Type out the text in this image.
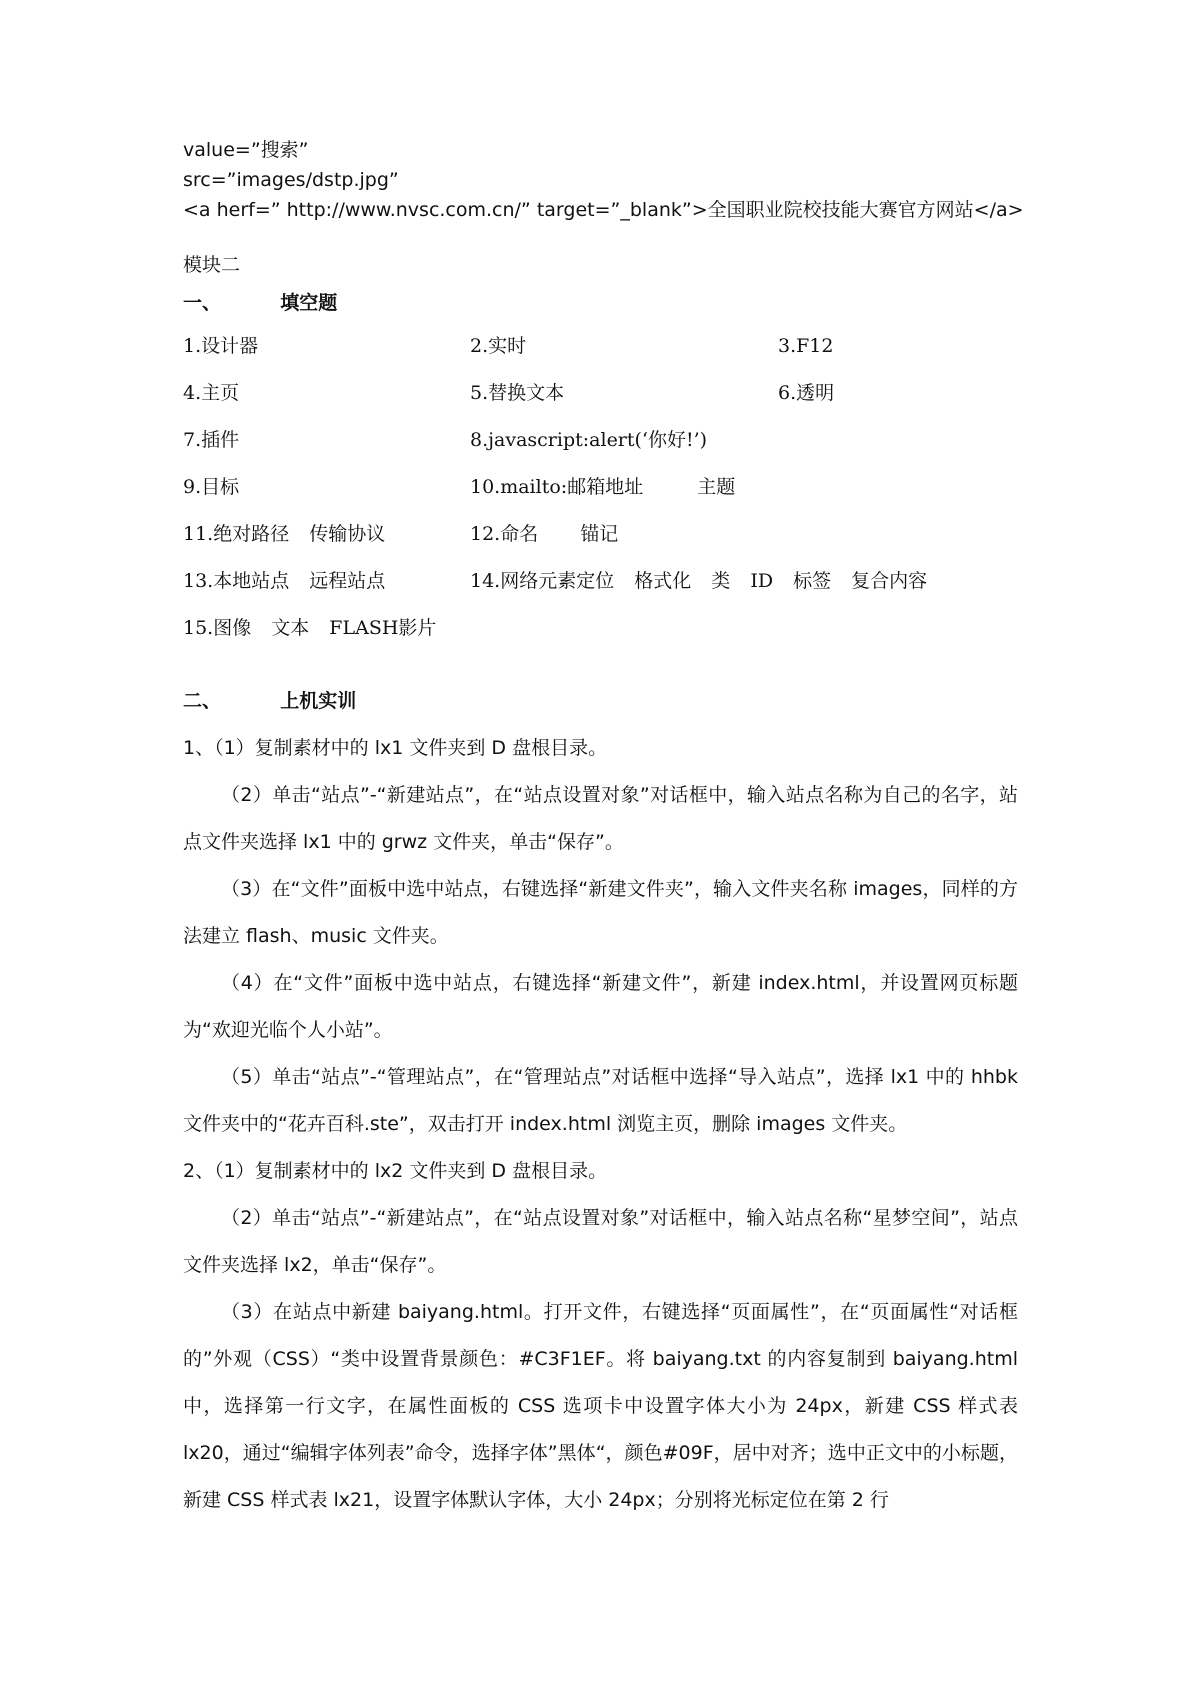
value=”搜索”
src=”images/dstp.jpg”
<a herf=” http://www.nvsc.com.cn/” target=”_blank”>全国职业院校技能大赛官方网站</a>
模块二
一、	填空题
1.设计器	2.实时	3.F12
4.主页	5.替换文本	6.透明
7.插件	8.javascript:alert(‘你好!’)
9.目标	10.mailto:邮箱地址 主题
11.绝对路径 传输协议	12.命名 锚记
13.本地站点 远程站点	14.网络元素定位 格式化 类 ID 标签 复合内容
15.图像 文本 FLASH影片
二、	上机实训
1、（1）复制素材中的 lx1 文件夹到 D 盘根目录。
（2）单击“站点”-“新建站点”，在“站点设置对象”对话框中，输入站点名称为自己的名字，站点文件夹选择 lx1 中的 grwz 文件夹，单击“保存”。
（3）在“文件”面板中选中站点，右键选择“新建文件夹”，输入文件夹名称 images，同样的方法建立 flash、music 文件夹。
（4）在“文件”面板中选中站点，右键选择“新建文件”，新建 index.html，并设置网页标题为“欢迎光临个人小站”。
（5）单击“站点”-“管理站点”，在“管理站点”对话框中选择“导入站点”，选择 lx1 中的 hhbk 文件夹中的“花卉百科.ste”，双击打开 index.html 浏览主页，删除 images 文件夹。
2、（1）复制素材中的 lx2 文件夹到 D 盘根目录。
（2）单击“站点”-“新建站点”，在“站点设置对象”对话框中，输入站点名称“星梦空间”，站点文件夹选择 lx2，单击“保存”。
（3）在站点中新建 baiyang.html。打开文件，右键选择“页面属性”，在“页面属性“对话框的”外观（CSS）“类中设置背景颜色：#C3F1EF。将 baiyang.txt 的内容复制到 baiyang.html 中，选择第一行文字，在属性面板的 CSS 选项卡中设置字体大小为 24px，新建 CSS 样式表 lx20，通过“编辑字体列表”命令，选择字体”黑体“，颜色#09F，居中对齐；选中正文中的小标题，新建 CSS 样式表 lx21，设置字体默认字体，大小 24px；分别将光标定位在第 2 行
